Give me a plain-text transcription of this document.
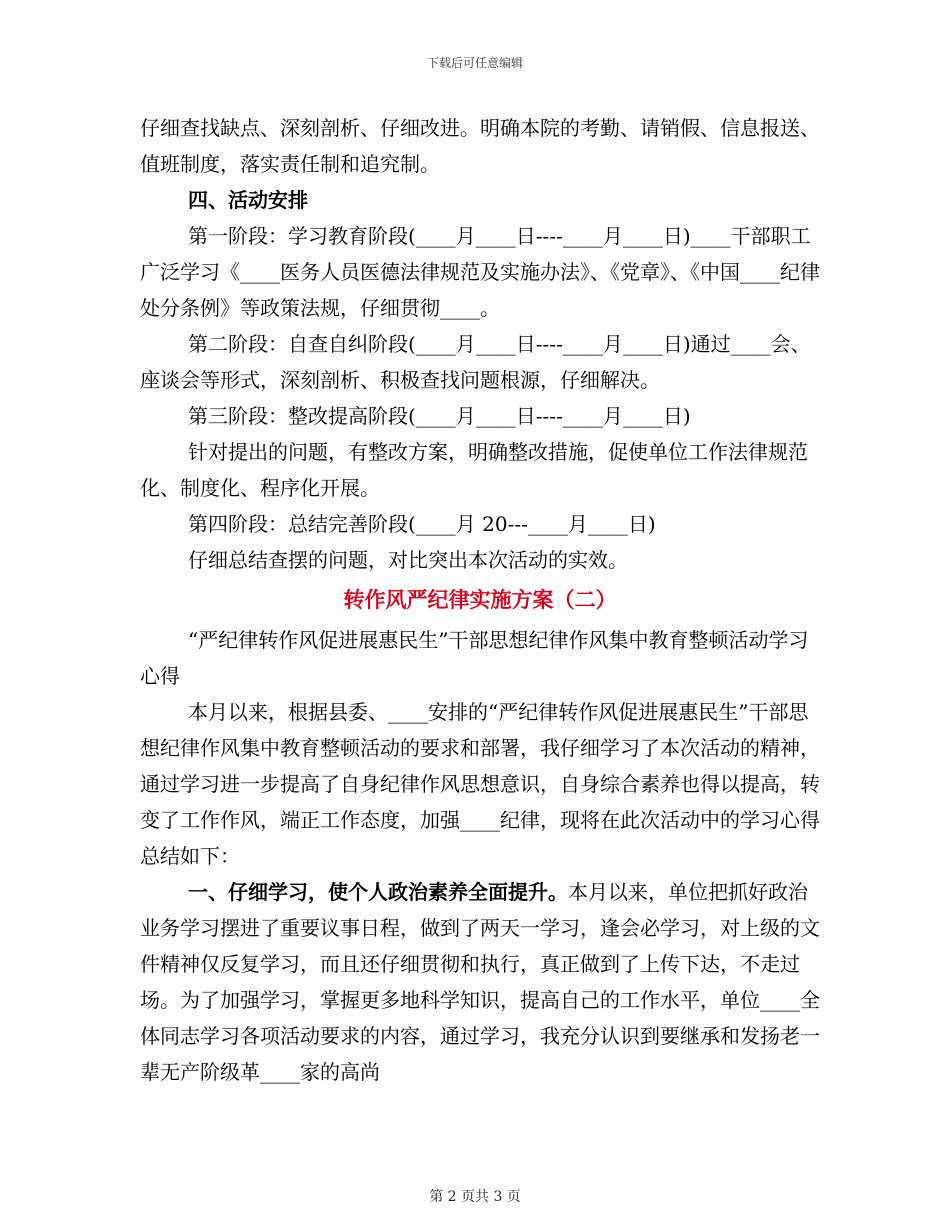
下载后可任意编辑

仔细查找缺点、深刻剖析、仔细改进。明确本院的考勤、请销假、信息报送、值班制度，落实责任制和追究制。

四、活动安排

第一阶段：学习教育阶段(____月____日----____月____日)____干部职工广泛学习《____医务人员医德法律规范及实施办法》、《党章》、《中国____纪律处分条例》等政策法规，仔细贯彻____。

第二阶段：自查自纠阶段(____月____日----____月____日)通过____会、座谈会等形式，深刻剖析、积极查找问题根源，仔细解决。

第三阶段：整改提高阶段(____月____日----____月____日)

针对提出的问题，有整改方案，明确整改措施，促使单位工作法律规范化、制度化、程序化开展。

第四阶段：总结完善阶段(____月 20---____月____日)

仔细总结查摆的问题，对比突出本次活动的实效。

转作风严纪律实施方案（二）

“严纪律转作风促进展惠民生”干部思想纪律作风集中教育整顿活动学习心得

本月以来，根据县委、____安排的“严纪律转作风促进展惠民生”干部思想纪律作风集中教育整顿活动的要求和部署，我仔细学习了本次活动的精神，通过学习进一步提高了自身纪律作风思想意识，自身综合素养也得以提高，转变了工作作风，端正工作态度，加强____纪律，现将在此次活动中的学习心得总结如下：

一、仔细学习，使个人政治素养全面提升。本月以来，单位把抓好政治业务学习摆进了重要议事日程，做到了两天一学习，逢会必学习，对上级的文件精神仅反复学习，而且还仔细贯彻和执行，真正做到了上传下达，不走过场。为了加强学习，掌握更多地科学知识，提高自己的工作水平，单位____全体同志学习各项活动要求的内容，通过学习，我充分认识到要继承和发扬老一辈无产阶级革____家的高尚

第 2 页共 3 页
